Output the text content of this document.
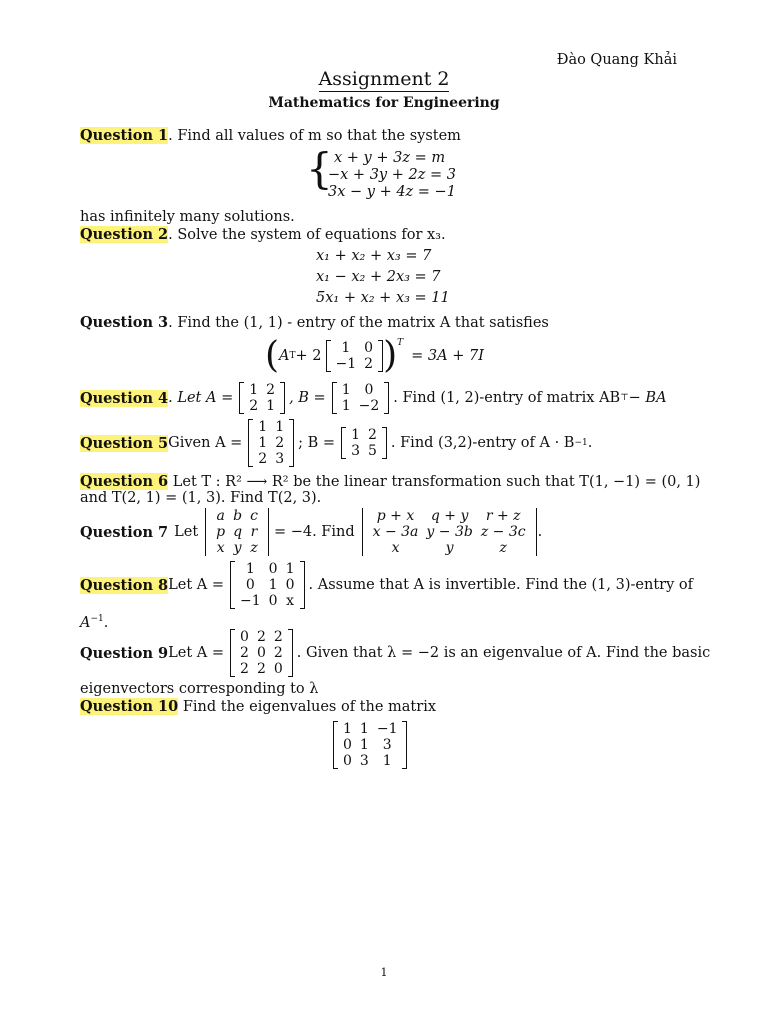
Đào Quang Khải
Assignment 2
Mathematics for Engineering
Question 1. Find all values of m so that the system
{ x + y + 3z = m
−x + 3y + 2z = 3
3x − y + 4z = −1
has infinitely many solutions.
Question 2. Solve the system of equations for x₃.
x₁ + x₂ + x₃ = 7
x₁ − x₂ + 2x₃ = 7
5x₁ + x₂ + x₃ = 11
Question 3. Find the (1, 1) - entry of the matrix A that satisfies
( A T + 2 1	0
−1	2 )$^T$
= 3A + 7I
Question 4 . Let A = 1	2
2	1 , B = 1	0
1	−2 . Find (1, 2)-entry of matrix AB ⊤ − BA
Question 5 Given A =
1	1
1	2
2	3
; B = 1	2
3	5 . Find (3,2)-entry of A · B −1 .
Question 6 Let T : R² ⟶ R² be the linear transformation such that T(1, −1) = (0, 1)
and T(2, 1) = (1, 3). Find T(2, 3).
Question 7 Let
a	b	c
p	q	r
x	y	z
= −4. Find
p + x	q + y	r + z
x − 3a	y − 3b	z − 3c
x	y	z
.
Question 8 Let A =
1	0	1
0	1	0
−1	0	x
. Assume that A is invertible. Find the (1, 3)-entry of
$A^{-1}$.
Question 9 Let A =
0	2	2
2	0	2
2	2	0
. Given that λ = −2 is an eigenvalue of A. Find the basic
eigenvectors corresponding to λ
Question 10 Find the eigenvalues of the matrix
1	1	−1
0	1	3
0	3	1
1
